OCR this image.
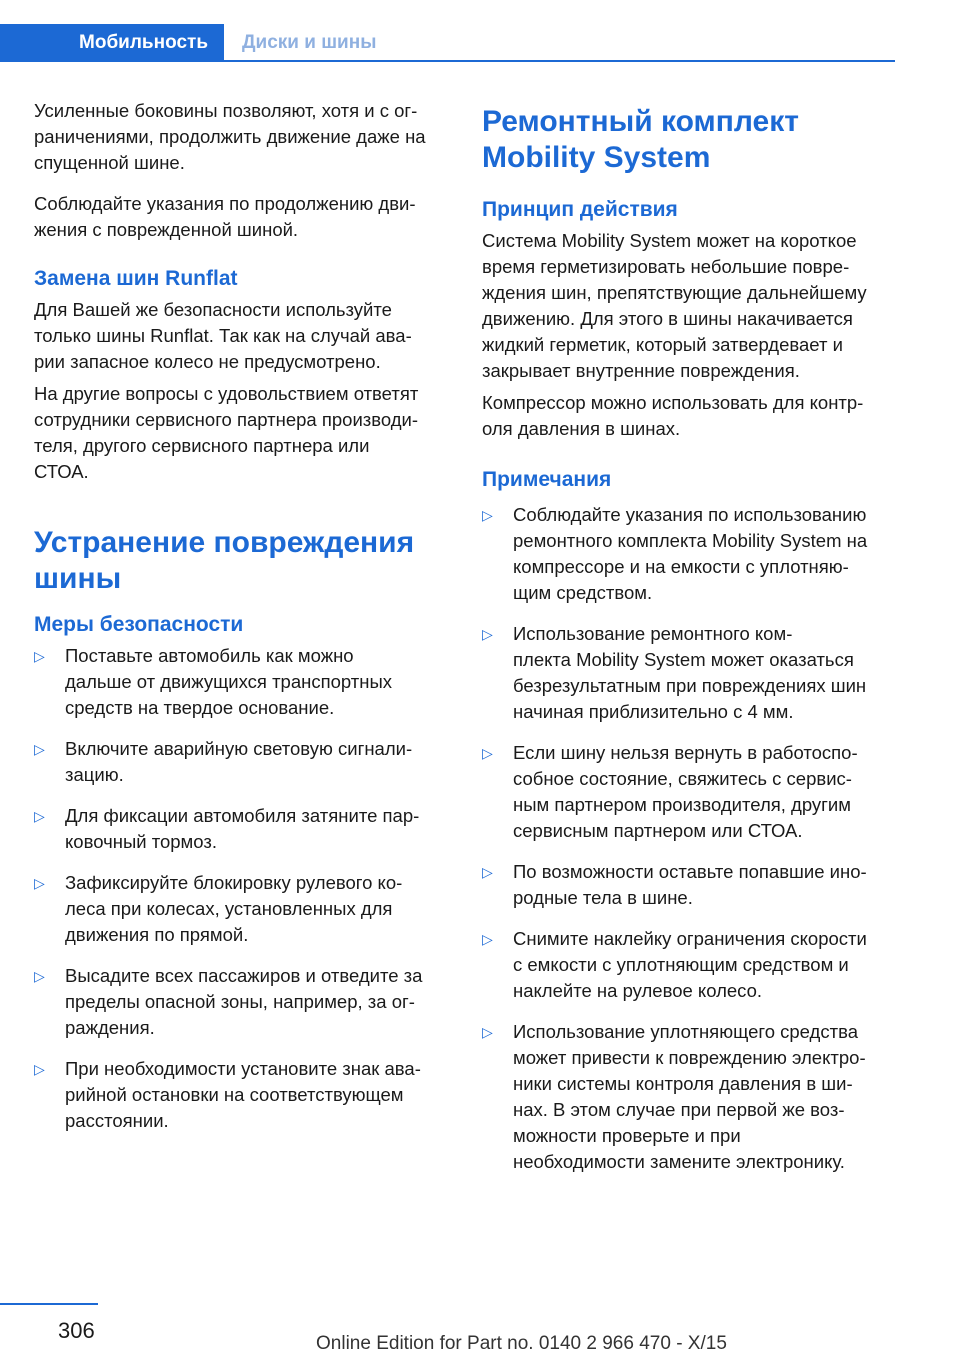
Мобильность	Диски и шины

Усиленные боковины позволяют, хотя и с ог‐
раничениями, продолжить движение даже на
спущенной шине.

Соблюдайте указания по продолжению дви‐
жения с поврежденной шиной.

Замена шин Runflat

Для Вашей же безопасности используйте
только шины Runflat. Так как на случай ава‐
рии запасное колесо не предусмотрено.

На другие вопросы с удовольствием ответят
сотрудники сервисного партнера производи‐
теля, другого сервисного партнера или
СТОА.

Устранение повреждения
шины
Меры безопасности
▷ Поставьте автомобиль как можно
дальше от движущихся транспортных
средств на твердое основание.
▷ Включите аварийную световую сигнали‐
зацию.
▷ Для фиксации автомобиля затяните пар‐
ковочный тормоз.
▷ Зафиксируйте блокировку рулевого ко‐
леса при колесах, установленных для
движения по прямой.
▷ Высадите всех пассажиров и отведите за
пределы опасной зоны, например, за ог‐
раждения.
▷ При необходимости установите знак ава‐
рийной остановки на соответствующем
расстоянии.
Ремонтный комплект
Mobility System
Принцип действия

Система Mobility System может на короткое
время герметизировать небольшие повре‐
ждения шин, препятствующие дальнейшему
движению. Для этого в шины накачивается
жидкий герметик, который затвердевает и
закрывает внутренние повреждения.

Компрессор можно использовать для контр‐
оля давления в шинах.

Примечания
▷ Соблюдайте указания по использованию
ремонтного комплекта Mobility System на
компрессоре и на емкости с уплотняю‐
щим средством.
▷ Использование ремонтного ком‐
плекта Mobility System может оказаться
безрезультатным при повреждениях шин
начиная приблизительно с 4 мм.
▷ Если шину нельзя вернуть в работоспо‐
собное состояние, свяжитесь с сервис‐
ным партнером производителя, другим
сервисным партнером или СТОА.
▷ По возможности оставьте попавшие ино‐
родные тела в шине.
▷ Снимите наклейку ограничения скорости
с емкости с уплотняющим средством и
наклейте на рулевое колесо.
▷ Использование уплотняющего средства
может привести к повреждению электро‐
ники системы контроля давления в ши‐
нах. В этом случае при первой же воз‐
можности проверьте и при
необходимости замените электронику.
306
Online Edition for Part no. 0140 2 966 470 - X/15
